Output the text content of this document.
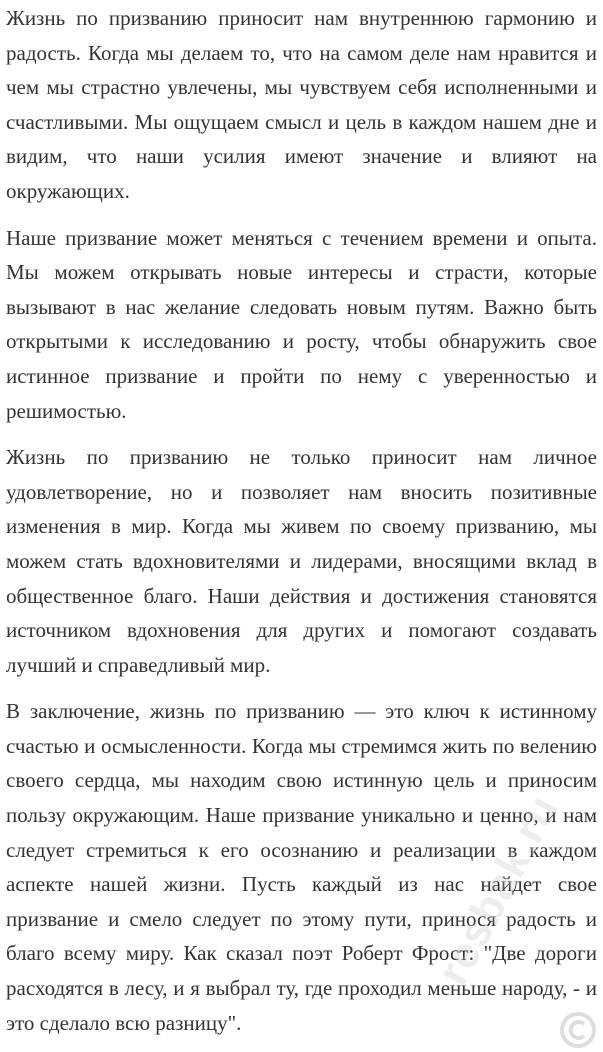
Жизнь по призванию приносит нам внутреннюю гармонию и радость. Когда мы делаем то, что на самом деле нам нравится и чем мы страстно увлечены, мы чувствуем себя исполненными и счастливыми. Мы ощущаем смысл и цель в каждом нашем дне и видим, что наши усилия имеют значение и влияют на окружающих.

Наше призвание может меняться с течением времени и опыта. Мы можем открывать новые интересы и страсти, которые вызывают в нас желание следовать новым путям. Важно быть открытыми к исследованию и росту, чтобы обнаружить свое истинное призвание и пройти по нему с уверенностью и решимостью.

Жизнь по призванию не только приносит нам личное удовлетворение, но и позволяет нам вносить позитивные изменения в мир. Когда мы живем по своему призванию, мы можем стать вдохновителями и лидерами, вносящими вклад в общественное благо. Наши действия и достижения становятся источником вдохновения для других и помогают создавать лучший и справедливый мир.

В заключение, жизнь по призванию — это ключ к истинному счастью и осмысленности. Когда мы стремимся жить по велению своего сердца, мы находим свою истинную цель и приносим пользу окружающим. Наше призвание уникально и ценно, и нам следует стремиться к его осознанию и реализации в каждом аспекте нашей жизни. Пусть каждый из нас найдет свое призвание и смело следует по этому пути, принося радость и благо всему миру. Как сказал поэт Роберт Фрост: "Две дороги расходятся в лесу, и я выбрал ту, где проходил меньше народу, - и это сделало всю разницу".

resbak.ru
